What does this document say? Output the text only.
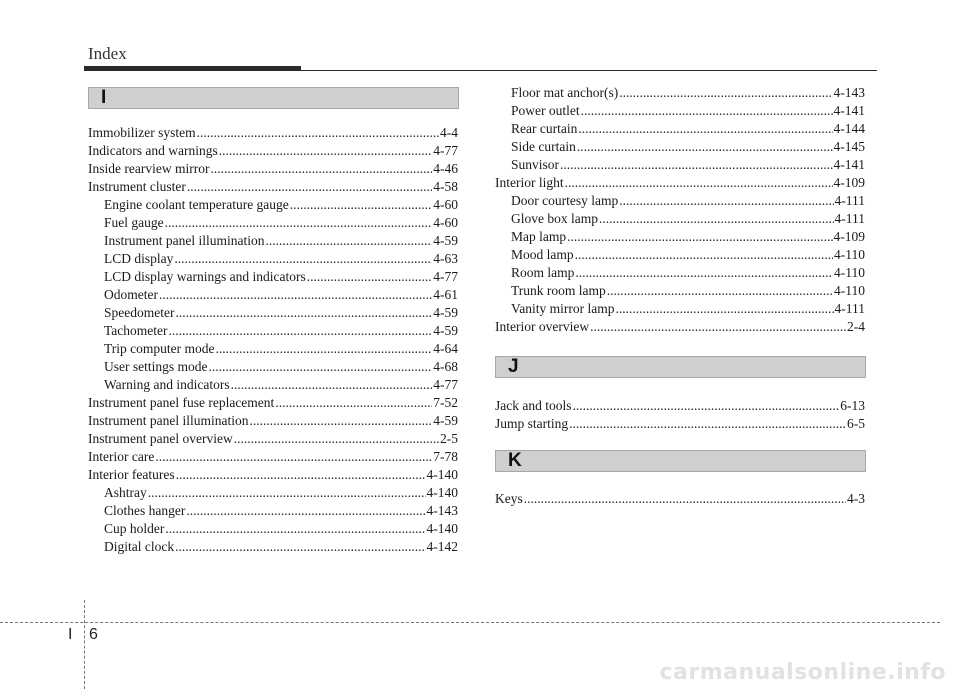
Index
I
Immobilizer system .....	4-4
Indicators and warnings .....	4-77
Inside rearview mirror .....	4-46
Instrument cluster .....	4-58
Engine coolant temperature gauge .....	4-60
Fuel gauge .....	4-60
Instrument panel illumination .....	4-59
LCD display .....	4-63
LCD display warnings and indicators .....	4-77
Odometer .....	4-61
Speedometer .....	4-59
Tachometer .....	4-59
Trip computer mode .....	4-64
User settings mode .....	4-68
Warning and indicators .....	4-77
Instrument panel fuse replacement .....	7-52
Instrument panel illumination .....	4-59
Instrument panel overview .....	2-5
Interior care .....	7-78
Interior features .....	4-140
Ashtray .....	4-140
Clothes hanger .....	4-143
Cup holder .....	4-140
Digital clock .....	4-142
Floor mat anchor(s) .....	4-143
Power outlet .....	4-141
Rear curtain .....	4-144
Side curtain .....	4-145
Sunvisor .....	4-141
Interior light .....	4-109
Door courtesy lamp .....	4-111
Glove box lamp .....	4-111
Map lamp .....	4-109
Mood lamp .....	4-110
Room lamp .....	4-110
Trunk room lamp .....	4-110
Vanity mirror lamp .....	4-111
Interior overview .....	2-4
J
Jack and tools .....	6-13
Jump starting .....	6-5
K
Keys .....	4-3
I 6
carmanualsonline.info
